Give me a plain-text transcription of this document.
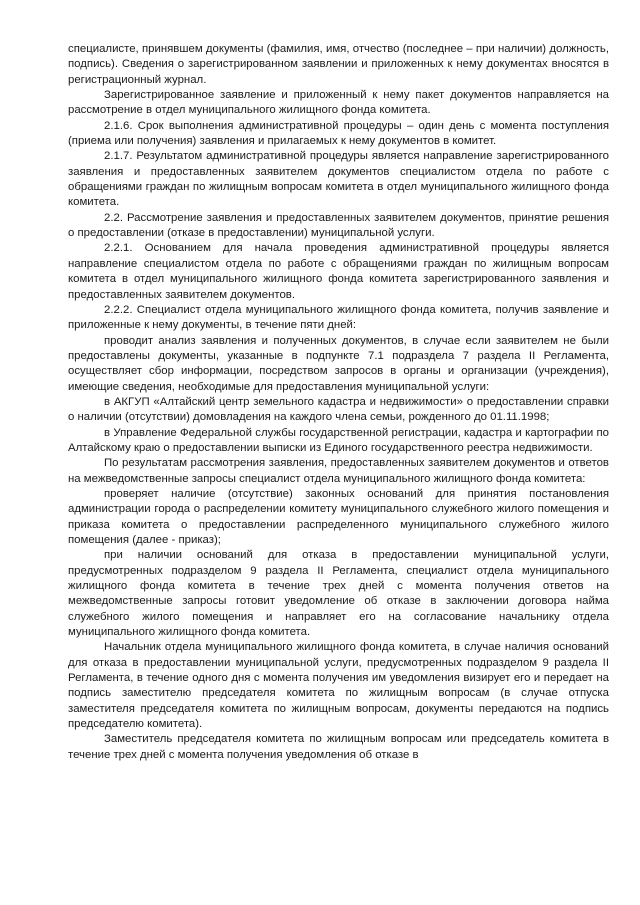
специалисте, принявшем документы (фамилия, имя, отчество (последнее – при наличии) должность, подпись). Сведения о зарегистрированном заявлении и приложенных к нему документах вносятся в регистрационный журнал.

Зарегистрированное заявление и приложенный к нему пакет документов направляется на рассмотрение в отдел муниципального жилищного фонда комитета.

2.1.6. Срок выполнения административной процедуры – один день с момента поступления (приема или получения) заявления и прилагаемых к нему документов в комитет.

2.1.7. Результатом административной процедуры является направление зарегистрированного заявления и предоставленных заявителем документов специалистом отдела по работе с обращениями граждан по жилищным вопросам комитета в отдел муниципального жилищного фонда комитета.

2.2. Рассмотрение заявления и предоставленных заявителем документов, принятие решения о предоставлении (отказе в предоставлении) муниципальной услуги.

2.2.1. Основанием для начала проведения административной процедуры является направление специалистом отдела по работе с обращениями граждан по жилищным вопросам комитета в отдел муниципального жилищного фонда комитета зарегистрированного заявления и предоставленных заявителем документов.

2.2.2. Специалист отдела муниципального жилищного фонда комитета, получив заявление и приложенные к нему документы, в течение пяти дней:

проводит анализ заявления и полученных документов, в случае если заявителем не были предоставлены документы, указанные в подпункте 7.1 подраздела 7 раздела II Регламента, осуществляет сбор информации, посредством запросов в органы и организации (учреждения), имеющие сведения, необходимые для предоставления муниципальной услуги:

в АКГУП «Алтайский центр земельного кадастра и недвижимости» о предоставлении справки о наличии (отсутствии) домовладения на каждого члена семьи, рожденного до 01.11.1998;

в Управление Федеральной службы государственной регистрации, кадастра и картографии по Алтайскому краю о предоставлении выписки из Единого государственного реестра недвижимости.

По результатам рассмотрения заявления, предоставленных заявителем документов и ответов на межведомственные запросы специалист отдела муниципального жилищного фонда комитета:

проверяет наличие (отсутствие) законных оснований для принятия постановления администрации города о распределении комитету муниципального служебного жилого помещения и приказа комитета о предоставлении распределенного муниципального служебного жилого помещения (далее - приказ);

при наличии оснований для отказа в предоставлении муниципальной услуги, предусмотренных подразделом 9 раздела II Регламента, специалист отдела муниципального жилищного фонда комитета в течение трех дней с момента получения ответов на межведомственные запросы готовит уведомление об отказе в заключении договора найма служебного жилого помещения и направляет его на согласование начальнику отдела муниципального жилищного фонда комитета.

Начальник отдела муниципального жилищного фонда комитета, в случае наличия оснований для отказа в предоставлении муниципальной услуги, предусмотренных подразделом 9 раздела II Регламента, в течение одного дня с момента получения им уведомления визирует его и передает на подпись заместителю председателя комитета по жилищным вопросам (в случае отпуска заместителя председателя комитета по жилищным вопросам, документы передаются на подпись председателю комитета).

Заместитель председателя комитета по жилищным вопросам или председатель комитета в течение трех дней с момента получения уведомления об отказе в
